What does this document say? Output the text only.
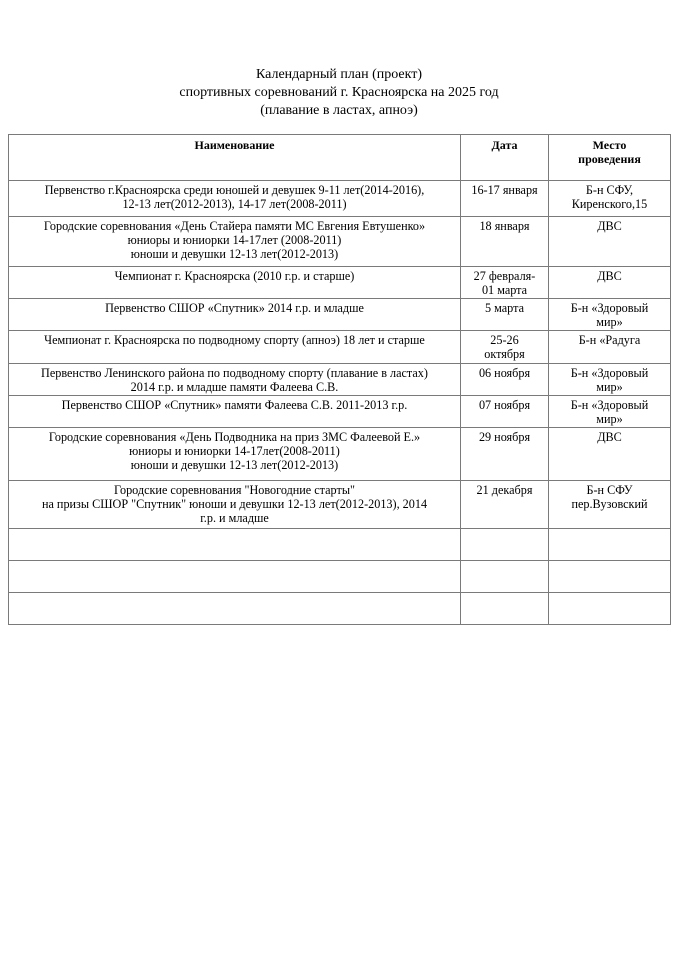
Календарный план (проект)
спортивных соревнований г. Красноярска на 2025 год
(плавание в ластах, апноэ)
Наименование	Дата	Место
проведения
Первенство г.Красноярска среди юношей и девушек 9-11 лет(2014-2016),
12-13 лет(2012-2013), 14-17 лет(2008-2011)	16-17 января	Б-н СФУ,
Киренского,15
Городские соревнования «День Стайера памяти МС Евгения Евтушенко»
юниоры и юниорки 14-17лет (2008-2011)
юноши и девушки 12-13 лет(2012-2013)	18 января	ДВС
Чемпионат г. Красноярска (2010 г.р. и старше)	27 февраля-
01 марта	ДВС
Первенство СШОР «Спутник» 2014 г.р. и младше	5 марта	Б-н «Здоровый
мир»
Чемпионат г. Красноярска по подводному спорту (апноэ) 18 лет и старше	25-26
октября	Б-н «Радуга
Первенство Ленинского района по подводному спорту (плавание в ластах)
2014 г.р. и младше памяти Фалеева С.В.	06 ноября	Б-н «Здоровый
мир»
Первенство СШОР «Спутник» памяти Фалеева С.В. 2011-2013 г.р.	07 ноября	Б-н «Здоровый
мир»
Городские соревнования «День Подводника на приз ЗМС Фалеевой Е.»
юниоры и юниорки 14-17лет(2008-2011)
юноши и девушки 12-13 лет(2012-2013)	29 ноября	ДВС
Городские соревнования "Новогодние старты"
на призы СШОР "Спутник" юноши и девушки 12-13 лет(2012-2013), 2014
г.р. и младше	21 декабря	Б-н СФУ
пер.Вузовский
